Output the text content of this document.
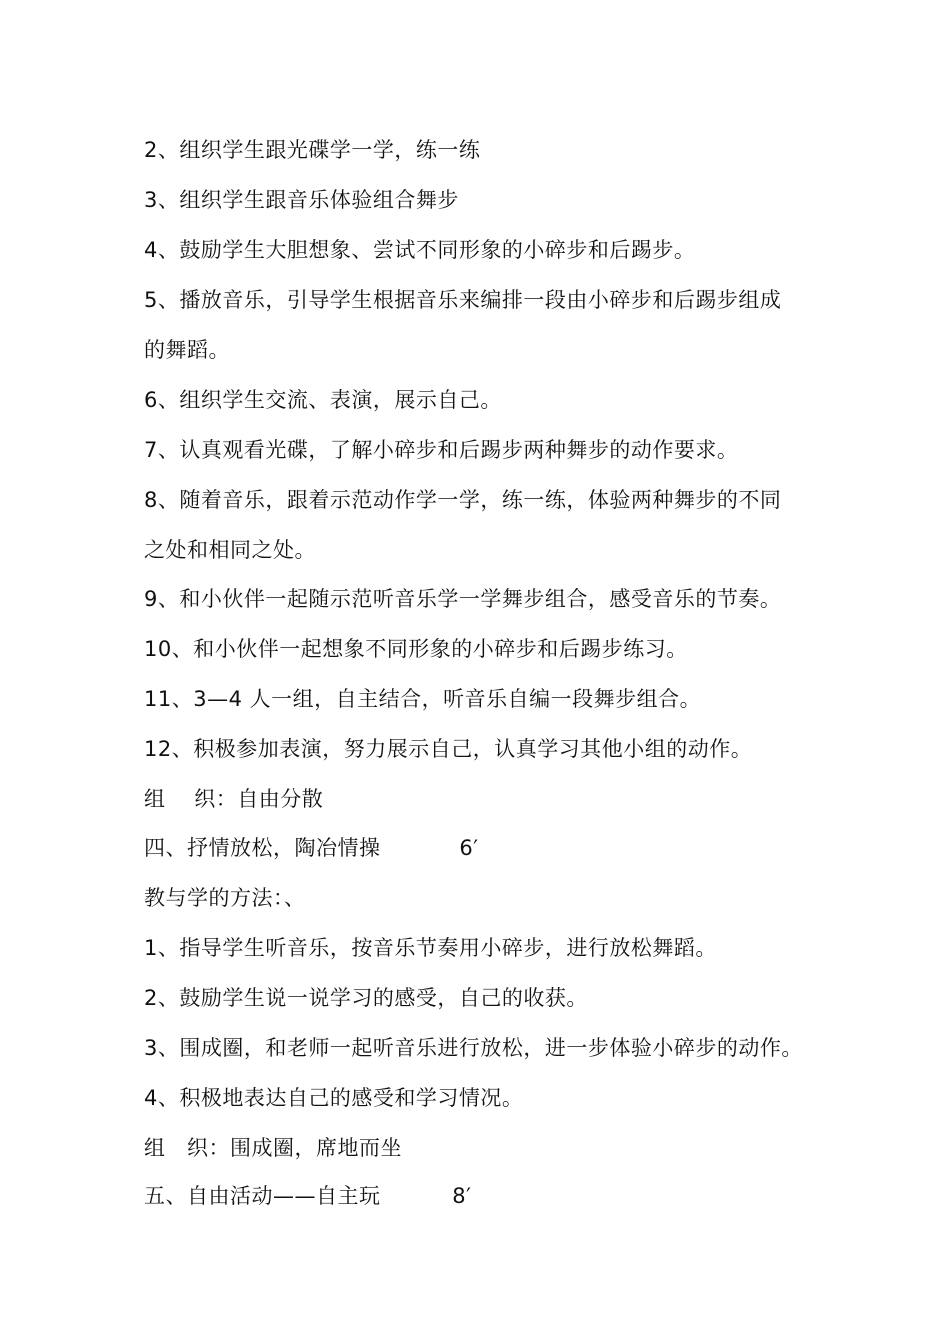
2、组织学生跟光碟学一学，练一练
3、组织学生跟音乐体验组合舞步
4、鼓励学生大胆想象、尝试不同形象的小碎步和后踢步。
5、播放音乐，引导学生根据音乐来编排一段由小碎步和后踢步组成
的舞蹈。
6、组织学生交流、表演，展示自己。
7、认真观看光碟，了解小碎步和后踢步两种舞步的动作要求。
8、随着音乐，跟着示范动作学一学，练一练，体验两种舞步的不同
之处和相同之处。
9、和小伙伴一起随示范听音乐学一学舞步组合，感受音乐的节奏。
10、和小伙伴一起想象不同形象的小碎步和后踢步练习。
11、3—4 人一组，自主结合，听音乐自编一段舞步组合。
12、积极参加表演，努力展示自己，认真学习其他小组的动作。
组    织：自由分散
四、抒情放松，陶冶情操           6′
教与学的方法：、
1、指导学生听音乐，按音乐节奏用小碎步，进行放松舞蹈。
2、鼓励学生说一说学习的感受，自己的收获。
3、围成圈，和老师一起听音乐进行放松，进一步体验小碎步的动作。
4、积极地表达自己的感受和学习情况。
组   织：围成圈，席地而坐
五、自由活动——自主玩          8′
